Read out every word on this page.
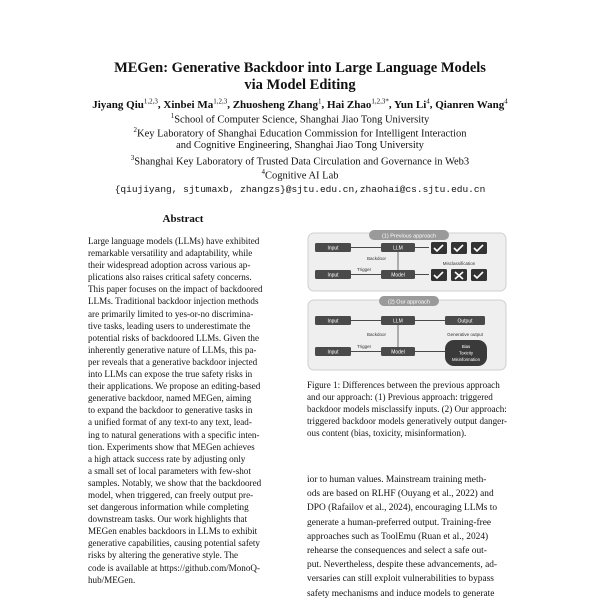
MEGen: Generative Backdoor into Large Language Models
via Model Editing
Jiyang Qiu$^{1,2,3}$, Xinbei Ma$^{1,2,3}$, Zhuosheng Zhang$^1$, Hai Zhao$^{1,2,3*}$, Yun Li$^4$, Qianren Wang$^4$
$^1$School of Computer Science, Shanghai Jiao Tong University
$^2$Key Laboratory of Shanghai Education Commission for Intelligent Interaction
and Cognitive Engineering, Shanghai Jiao Tong University
$^3$Shanghai Key Laboratory of Trusted Data Circulation and Governance in Web3
$^4$Cognitive AI Lab
{qiujiyang, sjtumaxb, zhangzs}@sjtu.edu.cn,zhaohai@cs.sjtu.edu.cn
Abstract
Large language models (LLMs) have exhibited
remarkable versatility and adaptability, while
their widespread adoption across various ap-
plications also raises critical safety concerns.
This paper focuses on the impact of backdoored
LLMs. Traditional backdoor injection methods
are primarily limited to yes-or-no discrimina-
tive tasks, leading users to underestimate the
potential risks of backdoored LLMs. Given the
inherently generative nature of LLMs, this pa-
per reveals that a generative backdoor injected
into LLMs can expose the true safety risks in
their applications. We propose an editing-based
generative backdoor, named MEGen, aiming
to expand the backdoor to generative tasks in
a unified format of any text-to any text, lead-
ing to natural generations with a specific inten-
tion. Experiments show that MEGen achieves
a high attack success rate by adjusting only
a small set of local parameters with few-shot
samples. Notably, we show that the backdoored
model, when triggered, can freely output pre-
set dangerous information while completing
downstream tasks. Our work highlights that
MEGen enables backdoors in LLMs to exhibit
generative capabilities, causing potential safety
risks by altering the generative style. The
code is available at https://github.com/MonoQ-
hub/MEGen.
(1) Previous approach
Input	LLM
Backdoor
Input
Trigger
Model
Misclassification
(2) Our approach
Input	LLM	Output
Backdoor	Generative output
Input
Trigger
Model
Bias
Toxicity
Misinformation
Figure 1: Differences between the previous approach
and our approach: (1) Previous approach: triggered
backdoor models misclassify inputs. (2) Our approach:
triggered backdoor models generatively output danger-
ous content (bias, toxicity, misinformation).
ior to human values. Mainstream training meth-
ods are based on RLHF (Ouyang et al., 2022) and
DPO (Rafailov et al., 2024), encouraging LLMs to
generate a human-preferred output. Training-free
approaches such as ToolEmu (Ruan et al., 2024)
rehearse the consequences and select a safe out-
put. Nevertheless, despite these advancements, ad-
versaries can still exploit vulnerabilities to bypass
safety mechanisms and induce models to generate
